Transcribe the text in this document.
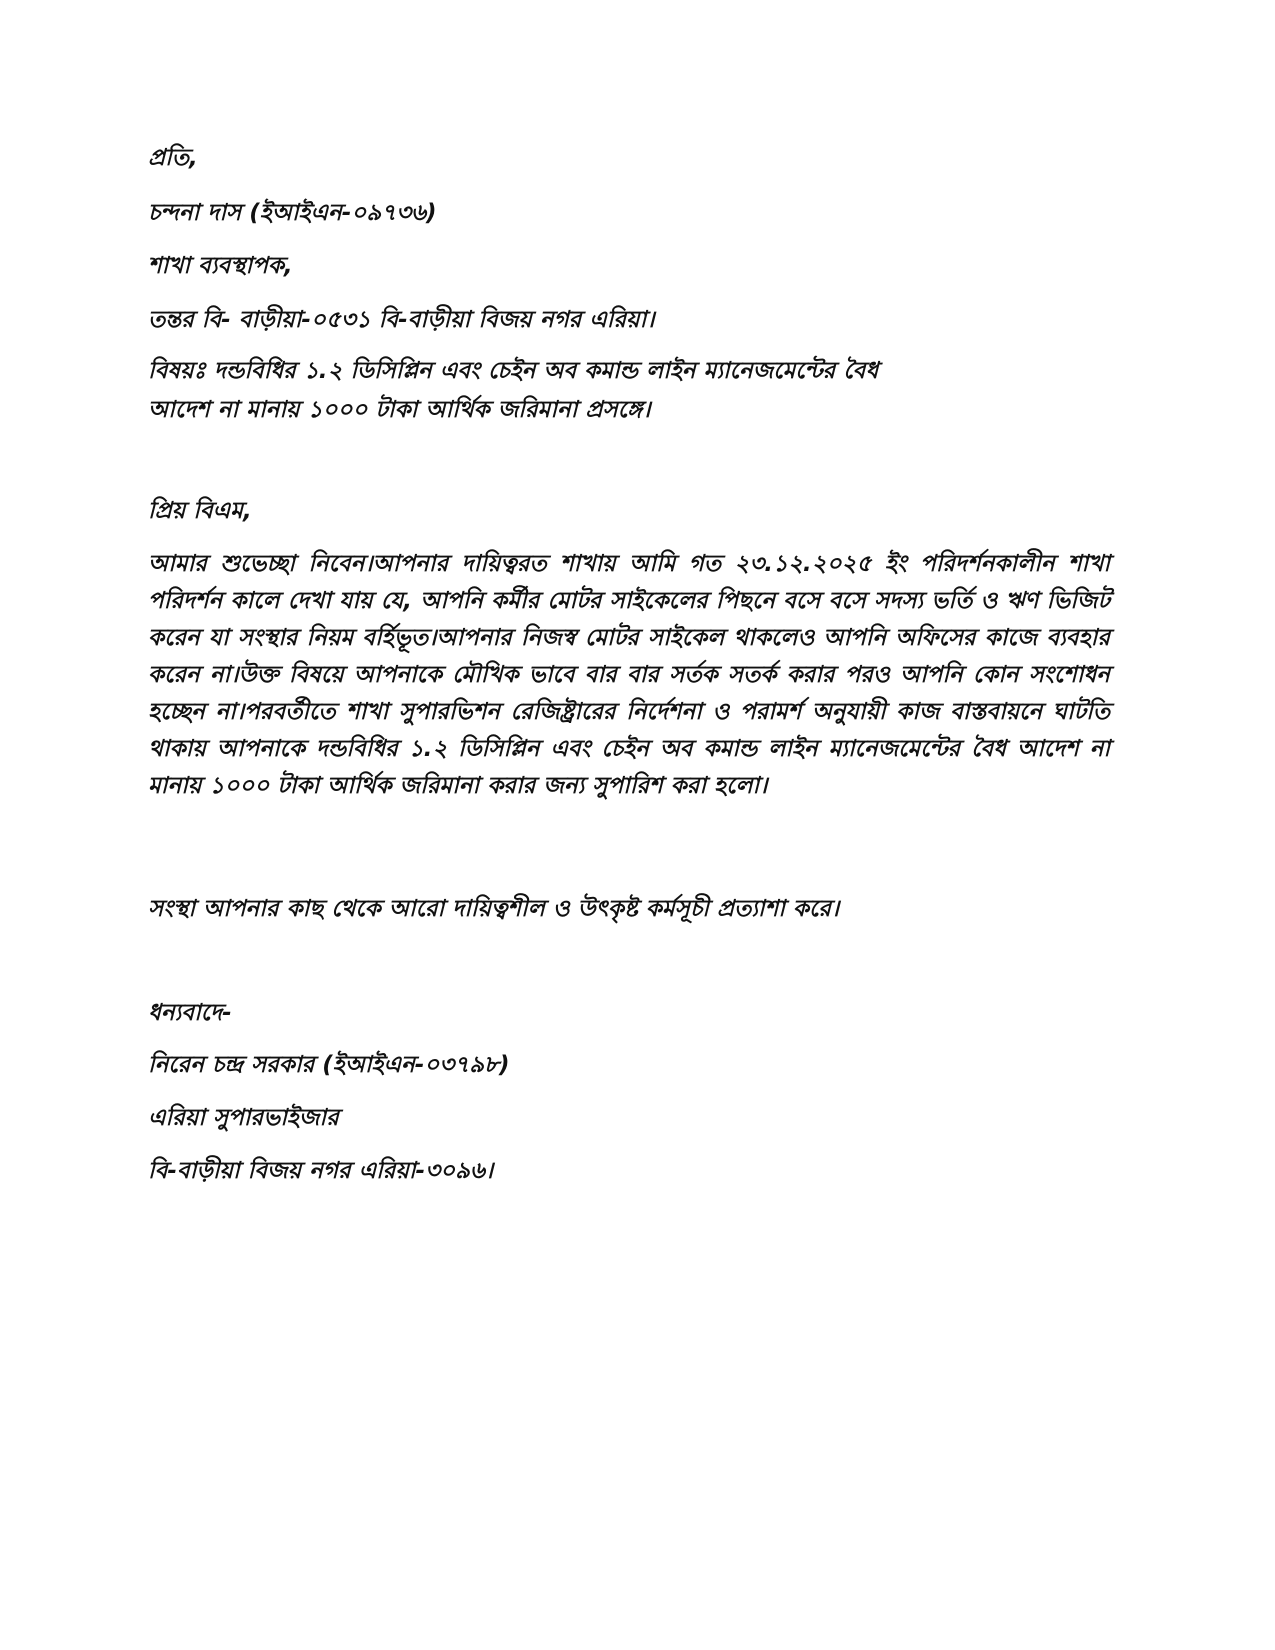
প্রতি,

চন্দনা দাস (ইআইএন-০৯৭৩৬)

শাখা ব্যবস্থাপক,

তন্তর বি- বাড়ীয়া-০৫৩১ বি-বাড়ীয়া বিজয় নগর এরিয়া।

বিষয়ঃ দন্ডবিধির ১.২ ডিসিপ্লিন এবং চেইন অব কমান্ড লাইন ম্যানেজমেন্টের বৈধ

আদেশ না মানায় ১০০০ টাকা আর্থিক জরিমানা প্রসঙ্গে।

প্রিয় বিএম,

আমার শুভেচ্ছা নিবেন।আপনার দায়িত্বরত শাখায় আমি গত ২৩.১২.২০২৫ ইং পরিদর্শনকালীন শাখা পরিদর্শন কালে দেখা যায় যে, আপনি কর্মীর মোটর সাইকেলের পিছনে বসে বসে সদস্য ভর্তি ও ঋণ ভিজিট করেন যা সংস্থার নিয়ম বর্হিভূত।আপনার নিজস্ব মোটর সাইকেল থাকলেও আপনি অফিসের কাজে ব্যবহার করেন না।উক্ত বিষয়ে আপনাকে মৌখিক ভাবে বার বার সর্তক সতর্ক করার পরও আপনি কোন সংশোধন হচ্ছেন না।পরবর্তীতে শাখা সুপারভিশন রেজিষ্ট্রারের নির্দেশনা ও পরামর্শ অনুযায়ী কাজ বাস্তবায়নে ঘাটতি থাকায় আপনাকে দন্ডবিধির ১.২ ডিসিপ্লিন এবং চেইন অব কমান্ড লাইন ম্যানেজমেন্টের বৈধ আদেশ না মানায় ১০০০ টাকা আর্থিক জরিমানা করার জন্য সুপারিশ করা হলো।

সংস্থা আপনার কাছ থেকে আরো দায়িত্বশীল ও উৎকৃষ্ট কর্মসূচী প্রত্যাশা করে।

ধন্যবাদে-

নিরেন চন্দ্র সরকার (ইআইএন-০৩৭৯৮)

এরিয়া সুপারভাইজার

বি-বাড়ীয়া বিজয় নগর এরিয়া-৩০৯৬।
